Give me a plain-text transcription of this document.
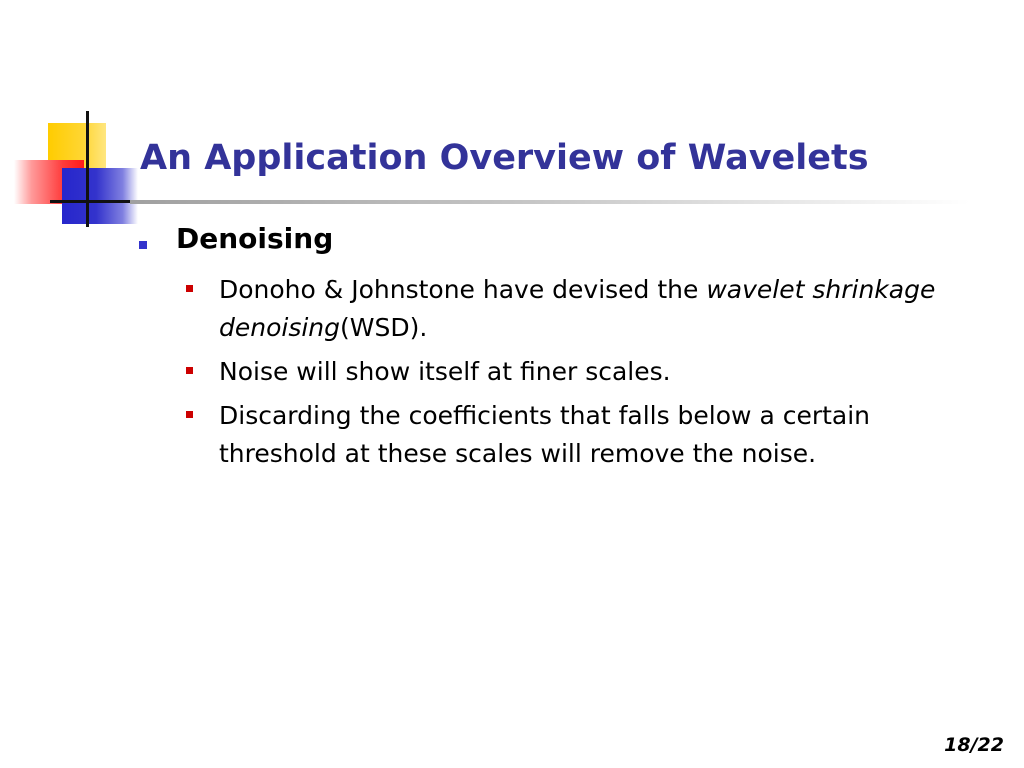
An Application Overview of Wavelets
Denoising
Donoho & Johnstone have devised the wavelet shrinkage denoising(WSD).
Noise will show itself at finer scales.
Discarding the coefficients that falls below a certain threshold at these scales will remove the noise.
18/22
